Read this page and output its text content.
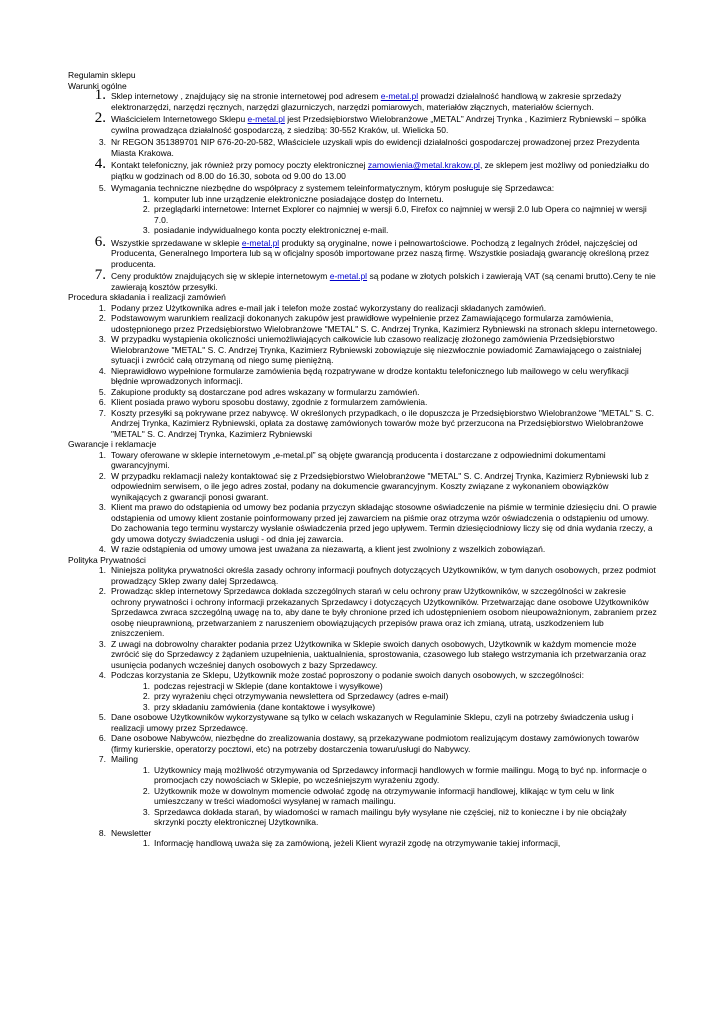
Regulamin sklepu
Warunki ogólne
1. Sklep internetowy , znajdujący się na stronie internetowej pod adresem e-metal.pl prowadzi działalność handlową w zakresie sprzedaży elektronarzędzi, narzędzi ręcznych, narzędzi glazurniczych, narzędzi pomiarowych, materiałów złącznych, materiałów ściernych.
2. Właścicielem Internetowego Sklepu e-metal.pl jest Przedsiębiorstwo Wielobranżowe „METAL” Andrzej Trynka , Kazimierz Rybniewski – spółka cywilna prowadząca działalność gospodarczą, z siedzibą: 30-552 Kraków, ul. Wielicka 50.
3. Nr REGON 351389701 NIP 676-20-20-582, Właściciele uzyskali wpis do ewidencji działalności gospodarczej prowadzonej przez Prezydenta Miasta Krakowa.
4. Kontakt telefoniczny, jak również przy pomocy poczty elektronicznej zamowienia@metal.krakow.pl, ze sklepem jest możliwy od poniedziałku do piątku w godzinach od 8.00 do 16.30, sobota od 9.00 do 13.00
5. Wymagania techniczne niezbędne do współpracy z systemem teleinformatycznym, którym posługuje się Sprzedawca:
1. komputer lub inne urządzenie elektroniczne posiadające dostęp do Internetu.
2. przeglądarki internetowe: Internet Explorer co najmniej w wersji 6.0, Firefox co najmniej w wersji 2.0 lub Opera co najmniej w wersji 7.0.
3. posiadanie indywidualnego konta poczty elektronicznej e-mail.
6. Wszystkie sprzedawane w sklepie e-metal.pl produkty są oryginalne, nowe i pełnowartościowe. Pochodzą z legalnych źródeł, najczęściej od Producenta, Generalnego Importera lub są w oficjalny sposób importowane przez naszą firmę. Wszystkie posiadają gwarancję określoną przez producenta.
7. Ceny produktów znajdujących się w sklepie internetowym e-metal.pl są podane w złotych polskich i zawierają VAT (są cenami brutto).Ceny te nie zawierają kosztów przesyłki.
Procedura składania i realizacji zamówień
1. Podany przez Użytkownika adres e-mail jak i telefon może zostać wykorzystany do realizacji składanych zamówień.
2. Podstawowym warunkiem realizacji dokonanych zakupów jest prawidłowe wypełnienie przez Zamawiającego formularza zamówienia, udostępnionego przez Przedsiębiorstwo Wielobranżowe "METAL" S. C. Andrzej Trynka, Kazimierz Rybniewski na stronach sklepu internetowego.
3. W przypadku wystąpienia okoliczności uniemożliwiających całkowicie lub czasowo realizację złożonego zamówienia Przedsiębiorstwo Wielobranżowe "METAL" S. C. Andrzej Trynka, Kazimierz Rybniewski zobowiązuje się niezwłocznie powiadomić Zamawiającego o zaistniałej sytuacji i zwrócić całą otrzymaną od niego sumę pieniężną.
4. Nieprawidłowo wypełnione formularze zamówienia będą rozpatrywane w drodze kontaktu telefonicznego lub mailowego w celu weryfikacji błędnie wprowadzonych informacji.
5. Zakupione produkty są dostarczane pod adres wskazany w formularzu zamówień.
6. Klient posiada prawo wyboru sposobu dostawy, zgodnie z formularzem zamówienia.
7. Koszty przesyłki są pokrywane przez nabywcę. W określonych przypadkach, o ile dopuszcza je Przedsiębiorstwo Wielobranżowe "METAL" S. C. Andrzej Trynka, Kazimierz Rybniewski, opłata za dostawę zamówionych towarów może być przerzucona na Przedsiębiorstwo Wielobranżowe "METAL" S. C. Andrzej Trynka, Kazimierz Rybniewski
Gwarancje i reklamacje
1. Towary oferowane w sklepie internetowym „e-metal.pl” są objęte gwarancją producenta i dostarczane z odpowiednimi dokumentami gwarancyjnymi.
2. W przypadku reklamacji należy kontaktować się z Przedsiębiorstwo Wielobranżowe "METAL" S. C. Andrzej Trynka, Kazimierz Rybniewski lub z odpowiednim serwisem, o ile jego adres został, podany na dokumencie gwarancyjnym. Koszty związane z wykonaniem obowiązków wynikających z gwarancji ponosi gwarant.
3. Klient ma prawo do odstąpienia od umowy bez podania przyczyn składając stosowne oświadczenie na piśmie w terminie dziesięciu dni. O prawie odstąpienia od umowy klient zostanie poinformowany przed jej zawarciem na piśmie oraz otrzyma wzór oświadczenia o odstąpieniu od umowy. Do zachowania tego terminu wystarczy wysłanie oświadczenia przed jego upływem. Termin dziesięciodniowy liczy się od dnia wydania rzeczy, a gdy umowa dotyczy świadczenia usługi - od dnia jej zawarcia.
4. W razie odstąpienia od umowy umowa jest uważana za niezawartą, a klient jest zwolniony z wszelkich zobowiązań.
Polityka Prywatności
1. Niniejsza polityka prywatności określa zasady ochrony informacji poufnych dotyczących Użytkowników, w tym danych osobowych, przez podmiot prowadzący Sklep zwany dalej Sprzedawcą.
2. Prowadząc sklep internetowy Sprzedawca dokłada szczególnych starań w celu ochrony praw Użytkowników, w szczególności w zakresie ochrony prywatności i ochrony informacji przekazanych Sprzedawcy i dotyczących Użytkowników. Przetwarzając dane osobowe Użytkowników Sprzedawca zwraca szczególną uwagę na to, aby dane te były chronione przed ich udostępnieniem osobom nieupoważnionym, zabraniem przez osobę nieuprawnioną, przetwarzaniem z naruszeniem obowiązujących przepisów prawa oraz ich zmianą, utratą, uszkodzeniem lub zniszczeniem.
3. Z uwagi na dobrowolny charakter podania przez Użytkownika w Sklepie swoich danych osobowych, Użytkownik w każdym momencie może zwrócić się do Sprzedawcy z żądaniem uzupełnienia, uaktualnienia, sprostowania, czasowego lub stałego wstrzymania ich przetwarzania oraz usunięcia podanych wcześniej danych osobowych z bazy Sprzedawcy.
4. Podczas korzystania ze Sklepu, Użytkownik może zostać poproszony o podanie swoich danych osobowych, w szczególności:
1. podczas rejestracji w Sklepie (dane kontaktowe i wysyłkowe)
2. przy wyrażeniu chęci otrzymywania newslettera od Sprzedawcy (adres e-mail)
3. przy składaniu zamówienia (dane kontaktowe i wysyłkowe)
5. Dane osobowe Użytkowników wykorzystywane są tylko w celach wskazanych w Regulaminie Sklepu, czyli na potrzeby świadczenia usług i realizacji umowy przez Sprzedawcę.
6. Dane osobowe Nabywców, niezbędne do zrealizowania dostawy, są przekazywane podmiotom realizującym dostawy zamówionych towarów (firmy kurierskie, operatorzy pocztowi, etc) na potrzeby dostarczenia towaru/usługi do Nabywcy.
7. Mailing
1. Użytkownicy mają możliwość otrzymywania od Sprzedawcy informacji handlowych w formie mailingu. Mogą to być np. informacje o promocjach czy nowościach w Sklepie, po wcześniejszym wyrażeniu zgody.
2. Użytkownik może w dowolnym momencie odwołać zgodę na otrzymywanie informacji handlowej, klikając w tym celu w link umieszczany w treści wiadomości wysyłanej w ramach mailingu.
3. Sprzedawca dokłada starań, by wiadomości w ramach mailingu były wysyłane nie częściej, niż to konieczne i by nie obciążały skrzynki poczty elektronicznej Użytkownika.
8. Newsletter
1. Informację handlową uważa się za zamówioną, jeżeli Klient wyraził zgodę na otrzymywanie takiej informacji,
